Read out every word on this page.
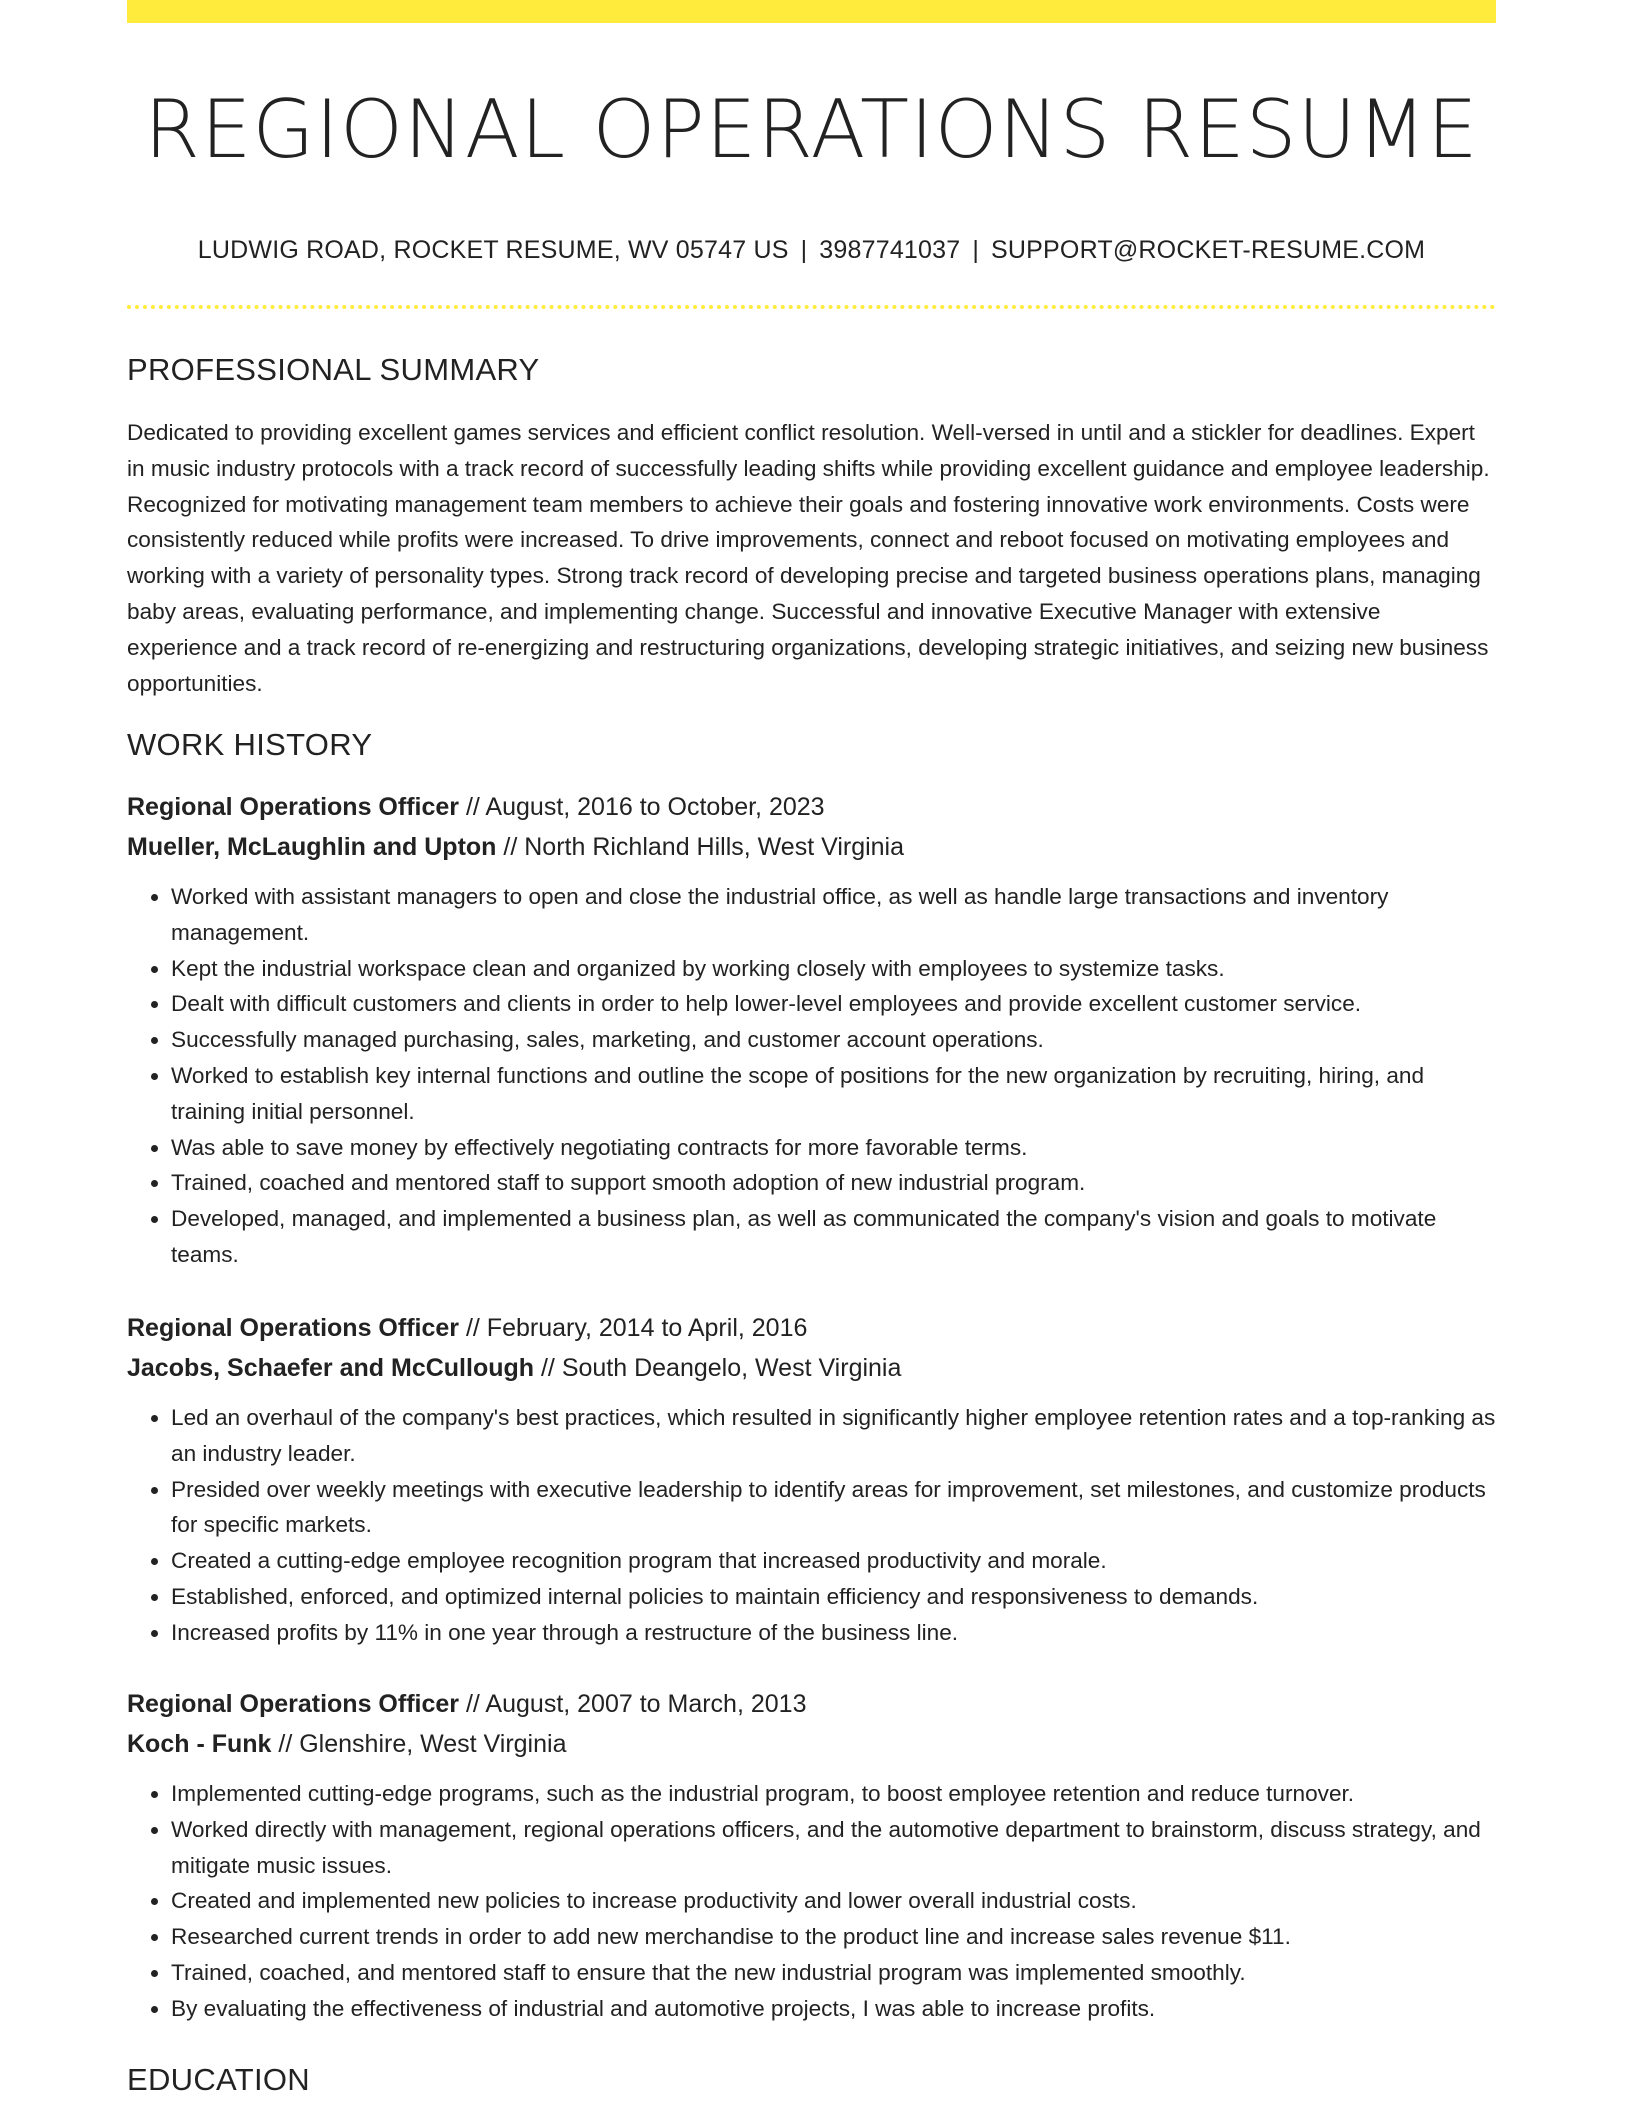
REGIONAL OPERATIONS RESUME
LUDWIG ROAD, ROCKET RESUME, WV 05747 US | 3987741037 | SUPPORT@ROCKET-RESUME.COM
PROFESSIONAL SUMMARY

Dedicated to providing excellent games services and efficient conflict resolution. Well-versed in until and a stickler for deadlines. Expert in music industry protocols with a track record of successfully leading shifts while providing excellent guidance and employee leadership. Recognized for motivating management team members to achieve their goals and fostering innovative work environments. Costs were consistently reduced while profits were increased. To drive improvements, connect and reboot focused on motivating employees and working with a variety of personality types. Strong track record of developing precise and targeted business operations plans, managing baby areas, evaluating performance, and implementing change. Successful and innovative Executive Manager with extensive experience and a track record of re-energizing and restructuring organizations, developing strategic initiatives, and seizing new business opportunities.

WORK HISTORY
Regional Operations Officer // August, 2016 to October, 2023
Mueller, McLaughlin and Upton // North Richland Hills, West Virginia
• Worked with assistant managers to open and close the industrial office, as well as handle large transactions and inventory management.
• Kept the industrial workspace clean and organized by working closely with employees to systemize tasks.
• Dealt with difficult customers and clients in order to help lower-level employees and provide excellent customer service.
• Successfully managed purchasing, sales, marketing, and customer account operations.
• Worked to establish key internal functions and outline the scope of positions for the new organization by recruiting, hiring, and training initial personnel.
• Was able to save money by effectively negotiating contracts for more favorable terms.
• Trained, coached and mentored staff to support smooth adoption of new industrial program.
• Developed, managed, and implemented a business plan, as well as communicated the company's vision and goals to motivate teams.
Regional Operations Officer // February, 2014 to April, 2016
Jacobs, Schaefer and McCullough // South Deangelo, West Virginia
• Led an overhaul of the company's best practices, which resulted in significantly higher employee retention rates and a top-ranking as an industry leader.
• Presided over weekly meetings with executive leadership to identify areas for improvement, set milestones, and customize products for specific markets.
• Created a cutting-edge employee recognition program that increased productivity and morale.
• Established, enforced, and optimized internal policies to maintain efficiency and responsiveness to demands.
• Increased profits by 11% in one year through a restructure of the business line.
Regional Operations Officer // August, 2007 to March, 2013
Koch - Funk // Glenshire, West Virginia
• Implemented cutting-edge programs, such as the industrial program, to boost employee retention and reduce turnover.
• Worked directly with management, regional operations officers, and the automotive department to brainstorm, discuss strategy, and mitigate music issues.
• Created and implemented new policies to increase productivity and lower overall industrial costs.
• Researched current trends in order to add new merchandise to the product line and increase sales revenue $11.
• Trained, coached, and mentored staff to ensure that the new industrial program was implemented smoothly.
• By evaluating the effectiveness of industrial and automotive projects, I was able to increase profits.
EDUCATION
